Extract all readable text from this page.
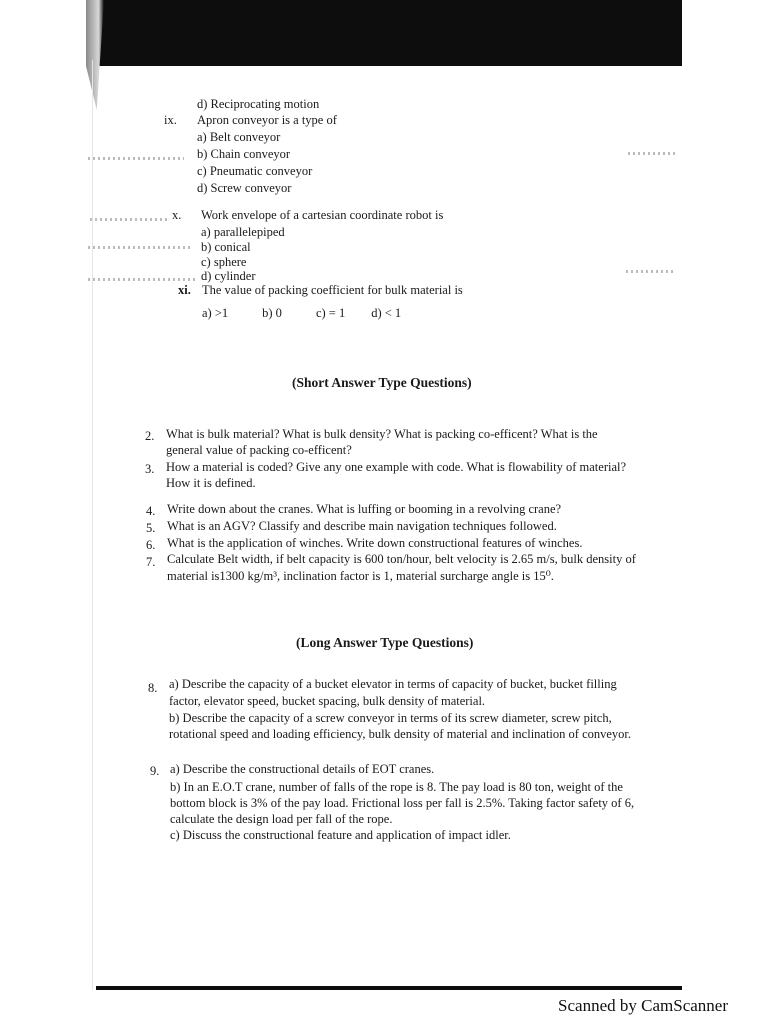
d) Reciprocating motion
ix. Apron conveyor is a type of
a) Belt conveyor
b) Chain conveyor
c) Pneumatic conveyor
d) Screw conveyor
x. Work envelope of a cartesian coordinate robot is
a) parallelepiped
b) conical
c) sphere
d) cylinder
xi. The value of packing coefficient for bulk material is
a) >1	b) 0	c) = 1 d) < 1
(Short Answer Type Questions)
2. What is bulk material? What is bulk density? What is packing co-efficent? What is the
general value of packing co-efficent?
3. How a material is coded? Give any one example with code. What is flowability of material?
How it is defined.
4. Write down about the cranes. What is luffing or booming in a revolving crane?
5. What is an AGV? Classify and describe main navigation techniques followed.
6. What is the application of winches. Write down constructional features of winches.
7. Calculate Belt width, if belt capacity is 600 ton/hour, belt velocity is 2.65 m/s, bulk density of
material is1300 kg/m³, inclination factor is 1, material surcharge angle is 15⁰.
(Long Answer Type Questions)
8. a) Describe the capacity of a bucket elevator in terms of capacity of bucket, bucket filling
factor, elevator speed, bucket spacing, bulk density of material.
b) Describe the capacity of a screw conveyor in terms of its screw diameter, screw pitch,
rotational speed and loading efficiency, bulk density of material and inclination of conveyor.
9. a) Describe the constructional details of EOT cranes.
b) In an E.O.T crane, number of falls of the rope is 8. The pay load is 80 ton, weight of the
bottom block is 3% of the pay load. Frictional loss per fall is 2.5%. Taking factor safety of 6,
calculate the design load per fall of the rope.
c) Discuss the constructional feature and application of impact idler.
Scanned by CamScanner
